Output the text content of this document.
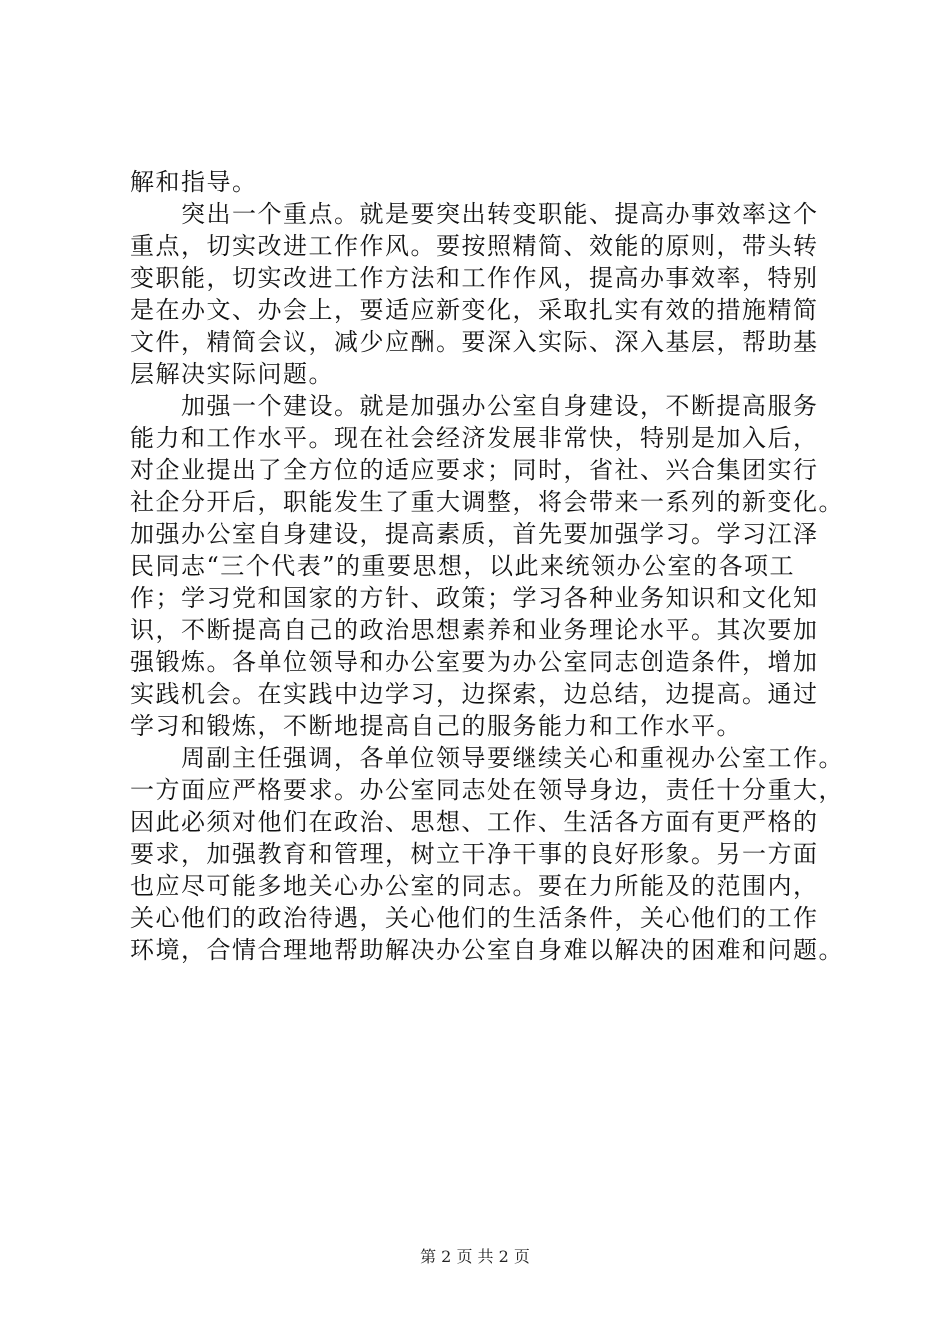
解和指导。
　　突出一个重点。就是要突出转变职能、提高办事效率这个
重点，切实改进工作作风。要按照精简、效能的原则，带头转
变职能，切实改进工作方法和工作作风，提高办事效率，特别
是在办文、办会上，要适应新变化，采取扎实有效的措施精简
文件，精简会议，减少应酬。要深入实际、深入基层，帮助基
层解决实际问题。
　　加强一个建设。就是加强办公室自身建设，不断提高服务
能力和工作水平。现在社会经济发展非常快，特别是加入后，
对企业提出了全方位的适应要求；同时，省社、兴合集团实行
社企分开后，职能发生了重大调整，将会带来一系列的新变化。
加强办公室自身建设，提高素质，首先要加强学习。学习江泽
民同志“三个代表”的重要思想，以此来统领办公室的各项工
作；学习党和国家的方针、政策；学习各种业务知识和文化知
识，不断提高自己的政治思想素养和业务理论水平。其次要加
强锻炼。各单位领导和办公室要为办公室同志创造条件，增加
实践机会。在实践中边学习，边探索，边总结，边提高。通过
学习和锻炼，不断地提高自己的服务能力和工作水平。
　　周副主任强调，各单位领导要继续关心和重视办公室工作。
一方面应严格要求。办公室同志处在领导身边，责任十分重大，
因此必须对他们在政治、思想、工作、生活各方面有更严格的
要求，加强教育和管理，树立干净干事的良好形象。另一方面
也应尽可能多地关心办公室的同志。要在力所能及的范围内，
关心他们的政治待遇，关心他们的生活条件，关心他们的工作
环境，合情合理地帮助解决办公室自身难以解决的困难和问题。
第 2 页 共 2 页
